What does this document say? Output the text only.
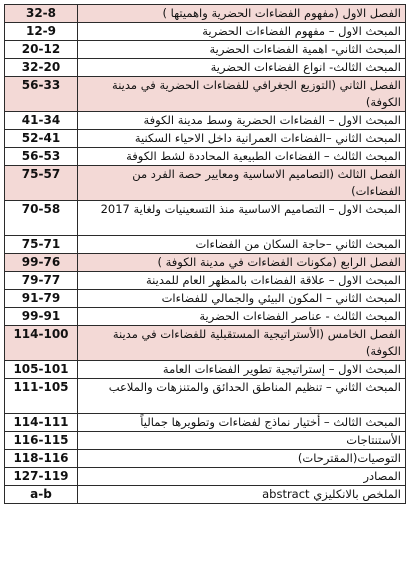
الفصل الاول (مفهوم الفضاءات الحضرية واهميتها )	32-8
المبحث الاول – مفهوم الفضاءات الحضرية	12-9
المبحث الثاني- اهمية الفضاءات الحضرية	20-12
المبحث الثالث- انواع الفضاءات الحضرية	32-20
الفصل الثاني (التوزيع الجغرافي للفضاءات الحضرية في مدينة الكوفة)	56-33
المبحث الاول – الفضاءات الحضرية وسط مدينة الكوفة	41-34
المبحث الثاني –الفضاءات العمرانية داخل الاحياء السكنية	52-41
المبحث الثالث – الفضاءات الطبيعية المحاددة لشط الكوفة	56-53
الفصل الثالث (التصاميم الاساسية ومعايير حصة الفرد من الفضاءات)	75-57
المبحث الاول – التصاميم الاساسية منذ التسعينيات ولغاية 2017	70-58
المبحث الثاني –حاجة السكان من الفضاءات	75-71
الفصل الرابع (مكونات الفضاءات في مدينة الكوفة )	99-76
المبحث الاول – علاقة الفضاءات بالمظهر العام للمدينة	79-77
المبحث الثاني – المكون البيئي والجمالي للفضاءات	91-79
المبحث الثالث - عناصر الفضاءات الحضرية	99-91
الفصل الخامس (الأستراتيجية المستقبلية للفضاءات في مدينة الكوفة)	114-100
المبحث الاول – إستراتيجية تطوير الفضاءات العامة	105-101
المبحث الثاني – تنظيم المناطق الحدائق والمتنزهات والملاعب	111-105
المبحث الثالث – أختيار نماذج لفضاءات وتطويرها جمالياً	114-111
الأستنتاجات	116-115
التوصيات(المقترحات)	118-116
المصادر	127-119
الملخص بالانكليزي abstract	a-b
